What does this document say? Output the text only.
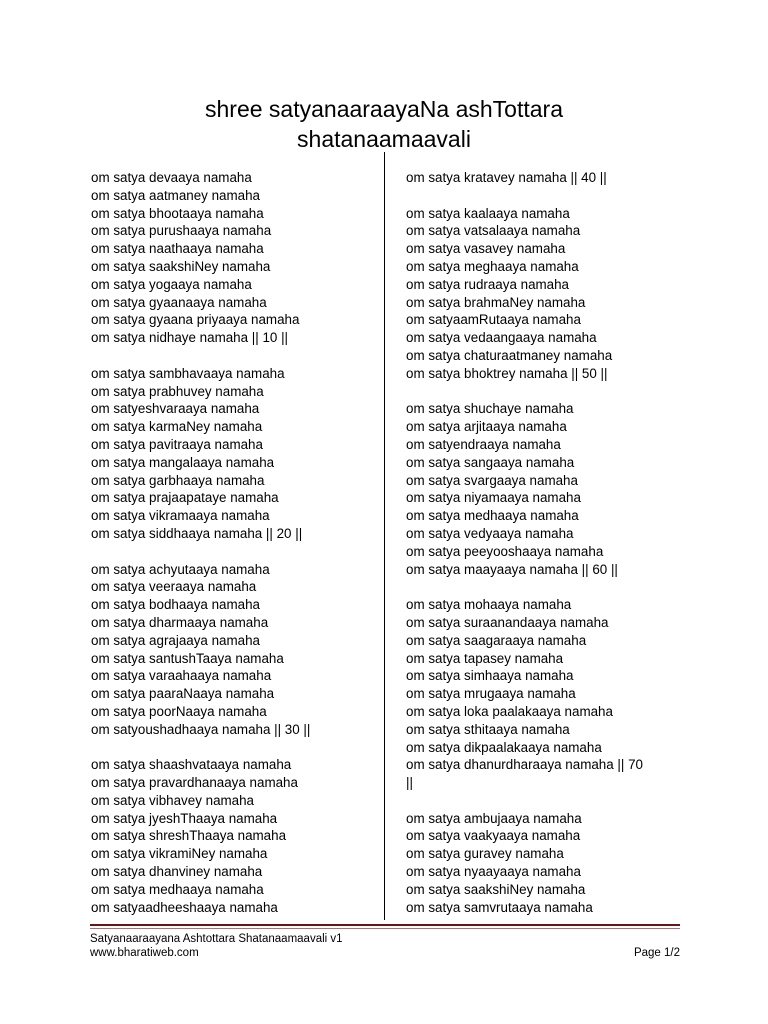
shree satyanaaraayaNa ashTottara
shatanaamaavali
om satya devaaya namaha
om satya aatmaney namaha
om satya bhootaaya namaha
om satya purushaaya namaha
om satya naathaaya namaha
om satya saakshiNey namaha
om satya yogaaya namaha
om satya gyaanaaya namaha
om satya gyaana priyaaya namaha
om satya nidhaye namaha || 10 ||
om satya sambhavaaya namaha
om satya prabhuvey namaha
om satyeshvaraaya namaha
om satya karmaNey namaha
om satya pavitraaya namaha
om satya mangalaaya namaha
om satya garbhaaya namaha
om satya prajaapataye namaha
om satya vikramaaya namaha
om satya siddhaaya namaha || 20 ||
om satya achyutaaya namaha
om satya veeraaya namaha
om satya bodhaaya namaha
om satya dharmaaya namaha
om satya agrajaaya namaha
om satya santushTaaya namaha
om satya varaahaaya namaha
om satya paaraNaaya namaha
om satya poorNaaya namaha
om satyoushadhaaya namaha || 30 ||
om satya shaashvataaya namaha
om satya pravardhanaaya namaha
om satya vibhavey namaha
om satya jyeshThaaya namaha
om satya shreshThaaya namaha
om satya vikramiNey namaha
om satya dhanviney namaha
om satya medhaaya namaha
om satyaadheeshaaya namaha
om satya kratavey namaha || 40 ||
om satya kaalaaya namaha
om satya vatsalaaya namaha
om satya vasavey namaha
om satya meghaaya namaha
om satya rudraaya namaha
om satya brahmaNey namaha
om satyaamRutaaya namaha
om satya vedaangaaya namaha
om satya chaturaatmaney namaha
om satya bhoktrey namaha || 50 ||
om satya shuchaye namaha
om satya arjitaaya namaha
om satyendraaya namaha
om satya sangaaya namaha
om satya svargaaya namaha
om satya niyamaaya namaha
om satya medhaaya namaha
om satya vedyaaya namaha
om satya peeyooshaaya namaha
om satya maayaaya namaha || 60 ||
om satya mohaaya namaha
om satya suraanandaaya namaha
om satya saagaraaya namaha
om satya tapasey namaha
om satya simhaaya namaha
om satya mrugaaya namaha
om satya loka paalakaaya namaha
om satya sthitaaya namaha
om satya dikpaalakaaya namaha
om satya dhanurdharaaya namaha || 70
||
om satya ambujaaya namaha
om satya vaakyaaya namaha
om satya guravey namaha
om satya nyaayaaya namaha
om satya saakshiNey namaha
om satya samvrutaaya namaha
Satyanaaraayana Ashtottara Shatanaamaavali v1
www.bharatiweb.com	Page 1/2
